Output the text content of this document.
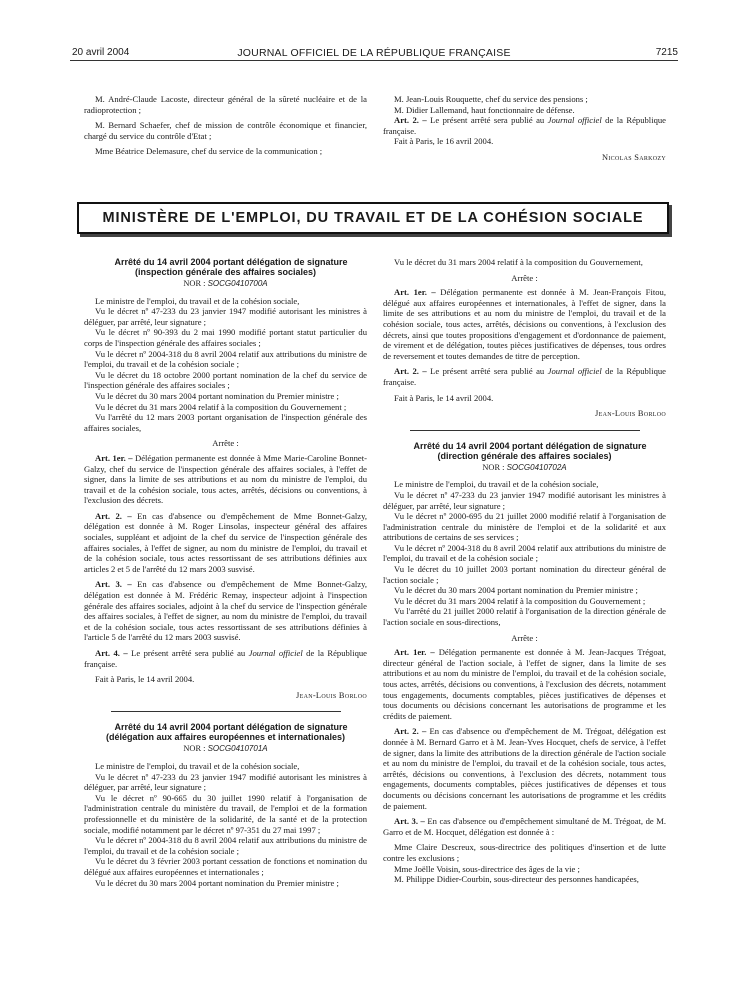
JOURNAL OFFICIEL DE LA RÉPUBLIQUE FRANÇAISE
20 avril 2004	7215

M. André-Claude Lacoste, directeur général de la sûreté nucléaire et de la radioprotection ;

M. Bernard Schaefer, chef de mission de contrôle économique et financier, chargé du service du contrôle d'Etat ;

Mme Béatrice Delemasure, chef du service de la communication ;

M. Jean-Louis Rouquette, chef du service des pensions ;

M. Didier Lallemand, haut fonctionnaire de défense.

Art. 2. – Le présent arrêté sera publié au Journal officiel de la République française.

Fait à Paris, le 16 avril 2004.

Nicolas Sarkozy
MINISTÈRE DE L'EMPLOI, DU TRAVAIL ET DE LA COHÉSION SOCIALE

Arrêté du 14 avril 2004 portant délégation de signature (inspection générale des affaires sociales)

NOR : SOCG0410700A

Le ministre de l'emploi, du travail et de la cohésion sociale,

Vu le décret nº 47-233 du 23 janvier 1947 modifié autorisant les ministres à déléguer, par arrêté, leur signature ;

Vu le décret nº 90-393 du 2 mai 1990 modifié portant statut particulier du corps de l'inspection générale des affaires sociales ;

Vu le décret nº 2004-318 du 8 avril 2004 relatif aux attributions du ministre de l'emploi, du travail et de la cohésion sociale ;

Vu le décret du 18 octobre 2000 portant nomination de la chef du service de l'inspection générale des affaires sociales ;

Vu le décret du 30 mars 2004 portant nomination du Premier ministre ;

Vu le décret du 31 mars 2004 relatif à la composition du Gouvernement ;

Vu l'arrêté du 12 mars 2003 portant organisation de l'inspection générale des affaires sociales,

Arrête :

Art. 1er. – Délégation permanente est donnée à Mme Marie-Caroline Bonnet-Galzy, chef du service de l'inspection générale des affaires sociales, à l'effet de signer, dans la limite de ses attributions et au nom du ministre de l'emploi, du travail et de la cohésion sociale, tous actes, arrêtés, décisions ou conventions, à l'exclusion des décrets.

Art. 2. – En cas d'absence ou d'empêchement de Mme Bonnet-Galzy, délégation est donnée à M. Roger Linsolas, inspecteur général des affaires sociales, suppléant et adjoint de la chef du service de l'inspection générale des affaires sociales, à l'effet de signer, au nom du ministre de l'emploi, du travail et de la cohésion sociale, tous actes ressortissant de ses attributions définies aux articles 2 et 5 de l'arrêté du 12 mars 2003 susvisé.

Art. 3. – En cas d'absence ou d'empêchement de Mme Bonnet-Galzy, délégation est donnée à M. Frédéric Remay, inspecteur adjoint à l'inspection générale des affaires sociales, adjoint à la chef du service de l'inspection générale des affaires sociales, à l'effet de signer, au nom du ministre de l'emploi, du travail et de la cohésion sociale, tous actes ressortissant de ses attributions définies à l'article 5 de l'arrêté du 12 mars 2003 susvisé.

Art. 4. – Le présent arrêté sera publié au Journal officiel de la République française.

Fait à Paris, le 14 avril 2004.

Jean-Louis Borloo

Arrêté du 14 avril 2004 portant délégation de signature (délégation aux affaires européennes et internationales)

NOR : SOCG0410701A

Le ministre de l'emploi, du travail et de la cohésion sociale,

Vu le décret nº 47-233 du 23 janvier 1947 modifié autorisant les ministres à déléguer, par arrêté, leur signature ;

Vu le décret nº 90-665 du 30 juillet 1990 relatif à l'organisation de l'administration centrale du ministère du travail, de l'emploi et de la formation professionnelle et du ministère de la solidarité, de la santé et de la protection sociale, modifié notamment par le décret nº 97-351 du 27 mai 1997 ;

Vu le décret nº 2004-318 du 8 avril 2004 relatif aux attributions du ministre de l'emploi, du travail et de la cohésion sociale ;

Vu le décret du 3 février 2003 portant cessation de fonctions et nomination du délégué aux affaires européennes et internationales ;

Vu le décret du 30 mars 2004 portant nomination du Premier ministre ;

Vu le décret du 31 mars 2004 relatif à la composition du Gouvernement,

Arrête :

Art. 1er. – Délégation permanente est donnée à M. Jean-François Fitou, délégué aux affaires européennes et internationales, à l'effet de signer, dans la limite de ses attributions et au nom du ministre de l'emploi, du travail et de la cohésion sociale, tous actes, arrêtés, décisions ou conventions, à l'exclusion des décrets, ainsi que toutes propositions d'engagement et d'ordonnance de paiement, de virement et de délégation, toutes pièces justificatives de dépenses, tous ordres de reversement et toutes demandes de titre de perception.

Art. 2. – Le présent arrêté sera publié au Journal officiel de la République française.

Fait à Paris, le 14 avril 2004.

Jean-Louis Borloo

Arrêté du 14 avril 2004 portant délégation de signature (direction générale des affaires sociales)

NOR : SOCG0410702A

Le ministre de l'emploi, du travail et de la cohésion sociale,

Vu le décret nº 47-233 du 23 janvier 1947 modifié autorisant les ministres à déléguer, par arrêté, leur signature ;

Vu le décret nº 2000-695 du 21 juillet 2000 modifié relatif à l'organisation de l'administration centrale du ministère de l'emploi et de la solidarité et aux attributions de certains de ses services ;

Vu le décret nº 2004-318 du 8 avril 2004 relatif aux attributions du ministre de l'emploi, du travail et de la cohésion sociale ;

Vu le décret du 10 juillet 2003 portant nomination du directeur général de l'action sociale ;

Vu le décret du 30 mars 2004 portant nomination du Premier ministre ;

Vu le décret du 31 mars 2004 relatif à la composition du Gouvernement ;

Vu l'arrêté du 21 juillet 2000 relatif à l'organisation de la direction générale de l'action sociale en sous-directions,

Arrête :

Art. 1er. – Délégation permanente est donnée à M. Jean-Jacques Trégoat, directeur général de l'action sociale, à l'effet de signer, dans la limite de ses attributions et au nom du ministre de l'emploi, du travail et de la cohésion sociale, tous actes, arrêtés, décisions ou conventions, à l'exclusion des décrets, notamment tous engagements, documents comptables, pièces justificatives de dépenses et tous documents ou décisions concernant les autorisations de programme et les crédits de paiement.

Art. 2. – En cas d'absence ou d'empêchement de M. Trégoat, délégation est donnée à M. Bernard Garro et à M. Jean-Yves Hocquet, chefs de service, à l'effet de signer, dans la limite des attributions de la direction générale de l'action sociale et au nom du ministre de l'emploi, du travail et de la cohésion sociale, tous actes, arrêtés, décisions ou conventions, à l'exclusion des décrets, notamment tous engagements, documents comptables, pièces justificatives de dépenses et tous documents ou décisions concernant les autorisations de programme et les crédits de paiement.

Art. 3. – En cas d'absence ou d'empêchement simultané de M. Trégoat, de M. Garro et de M. Hocquet, délégation est donnée à :

Mme Claire Descreux, sous-directrice des politiques d'insertion et de lutte contre les exclusions ;

Mme Joëlle Voisin, sous-directrice des âges de la vie ;

M. Philippe Didier-Courbin, sous-directeur des personnes handicapées,
